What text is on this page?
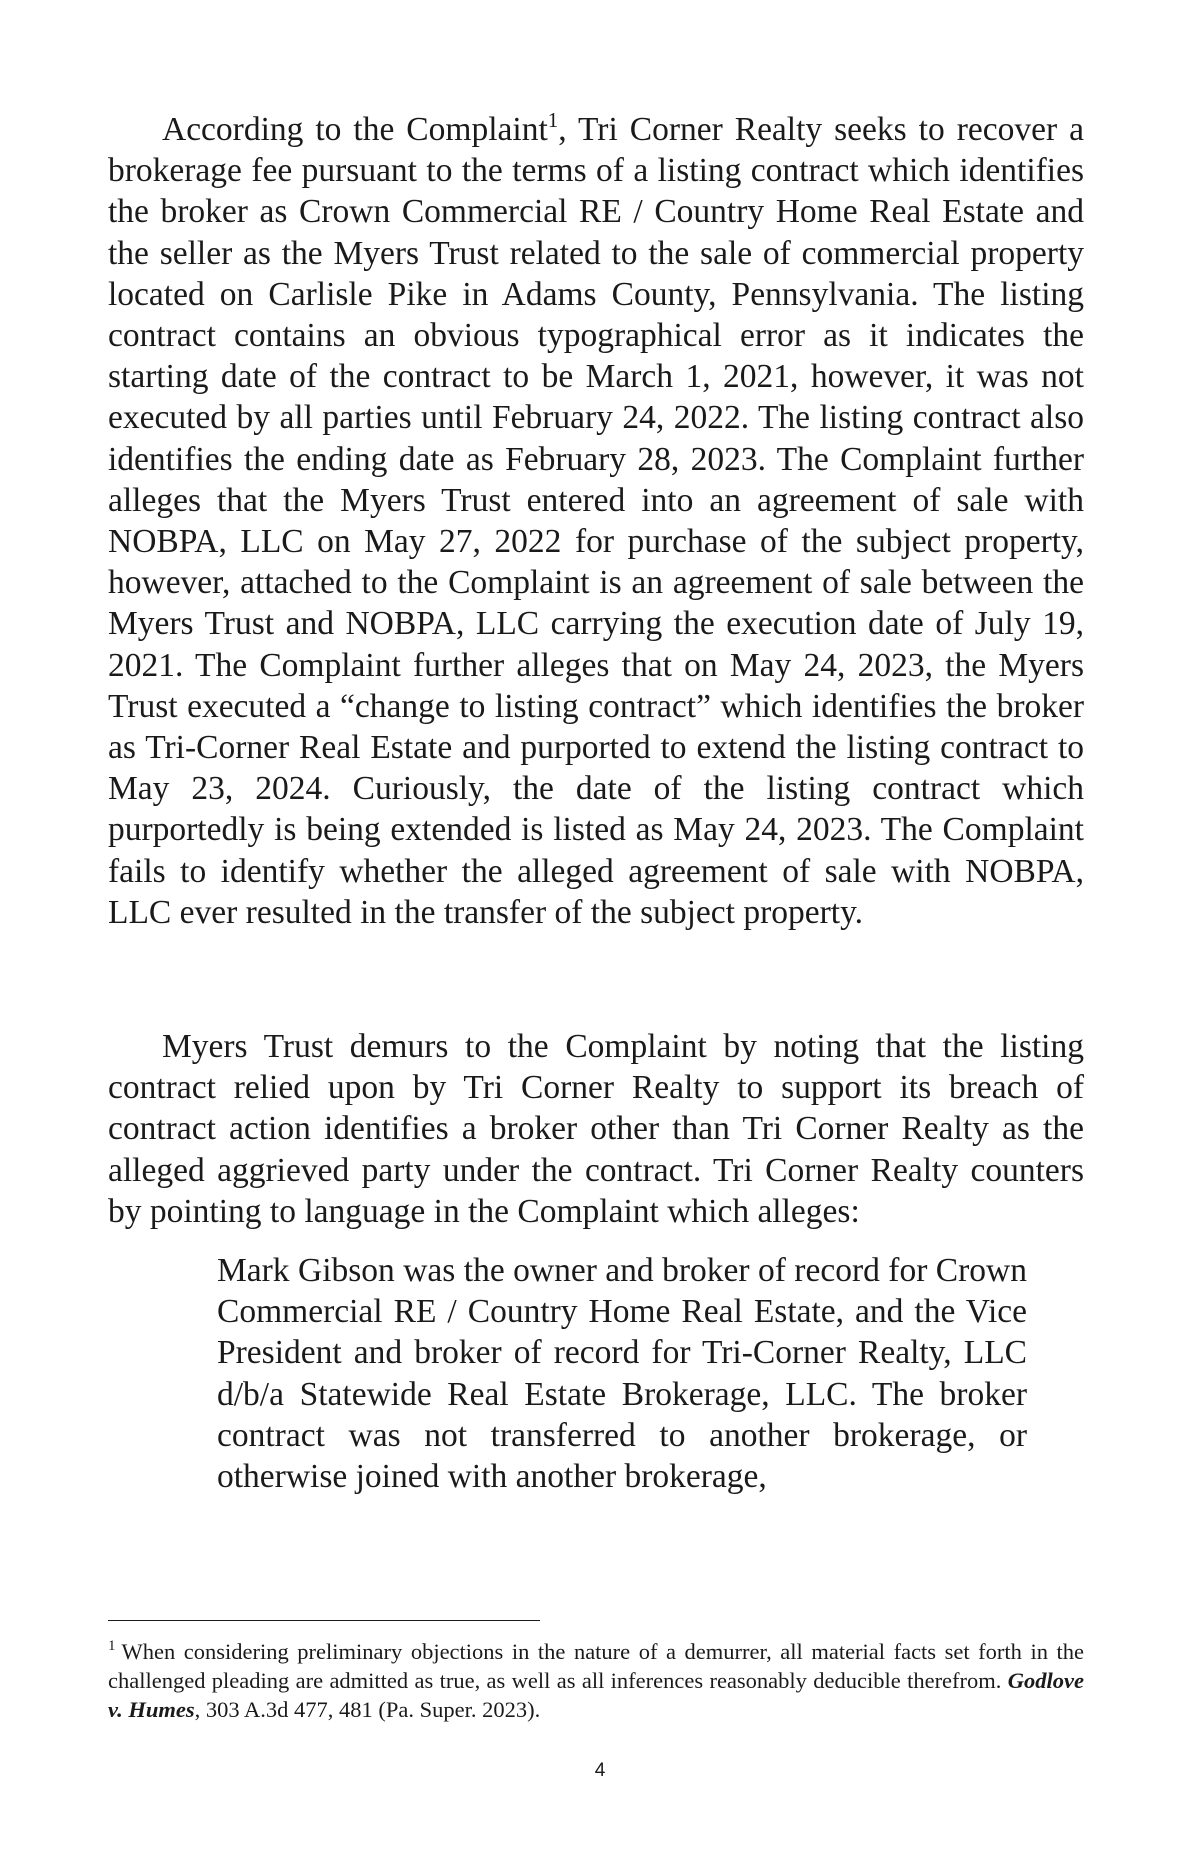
According to the Complaint$^1$, Tri Corner Realty seeks to recover a brokerage fee pursuant to the terms of a listing contract which identifies the broker as Crown Commercial RE / Country Home Real Estate and the seller as the Myers Trust related to the sale of commercial property located on Carlisle Pike in Adams County, Pennsylvania. The listing contract contains an obvious typographical error as it indicates the starting date of the contract to be March 1, 2021, however, it was not executed by all parties until February 24, 2022. The listing contract also identifies the ending date as February 28, 2023. The Complaint further alleges that the Myers Trust entered into an agreement of sale with NOBPA, LLC on May 27, 2022 for purchase of the subject property, however, attached to the Complaint is an agreement of sale between the Myers Trust and NOBPA, LLC carrying the execution date of July 19, 2021. The Complaint further alleges that on May 24, 2023, the Myers Trust executed a “change to listing contract” which identifies the broker as Tri-Corner Real Estate and purported to extend the listing contract to May 23, 2024. Curiously, the date of the listing contract which purportedly is being extended is listed as May 24, 2023. The Complaint fails to identify whether the alleged agreement of sale with NOBPA, LLC ever resulted in the transfer of the subject property.

Myers Trust demurs to the Complaint by noting that the listing contract relied upon by Tri Corner Realty to support its breach of contract action identifies a broker other than Tri Corner Realty as the alleged aggrieved party under the contract. Tri Corner Realty counters by pointing to language in the Complaint which alleges:

Mark Gibson was the owner and broker of record for Crown Commercial RE / Country Home Real Estate, and the Vice President and broker of record for Tri-Corner Realty, LLC d/b/a Statewide Real Estate Brokerage, LLC. The broker contract was not transferred to another brokerage, or otherwise joined with another brokerage,

$^1$ When considering preliminary objections in the nature of a demurrer, all material facts set forth in the challenged pleading are admitted as true, as well as all inferences reasonably deducible therefrom. Godlove v. Humes, 303 A.3d 477, 481 (Pa. Super. 2023).

4
